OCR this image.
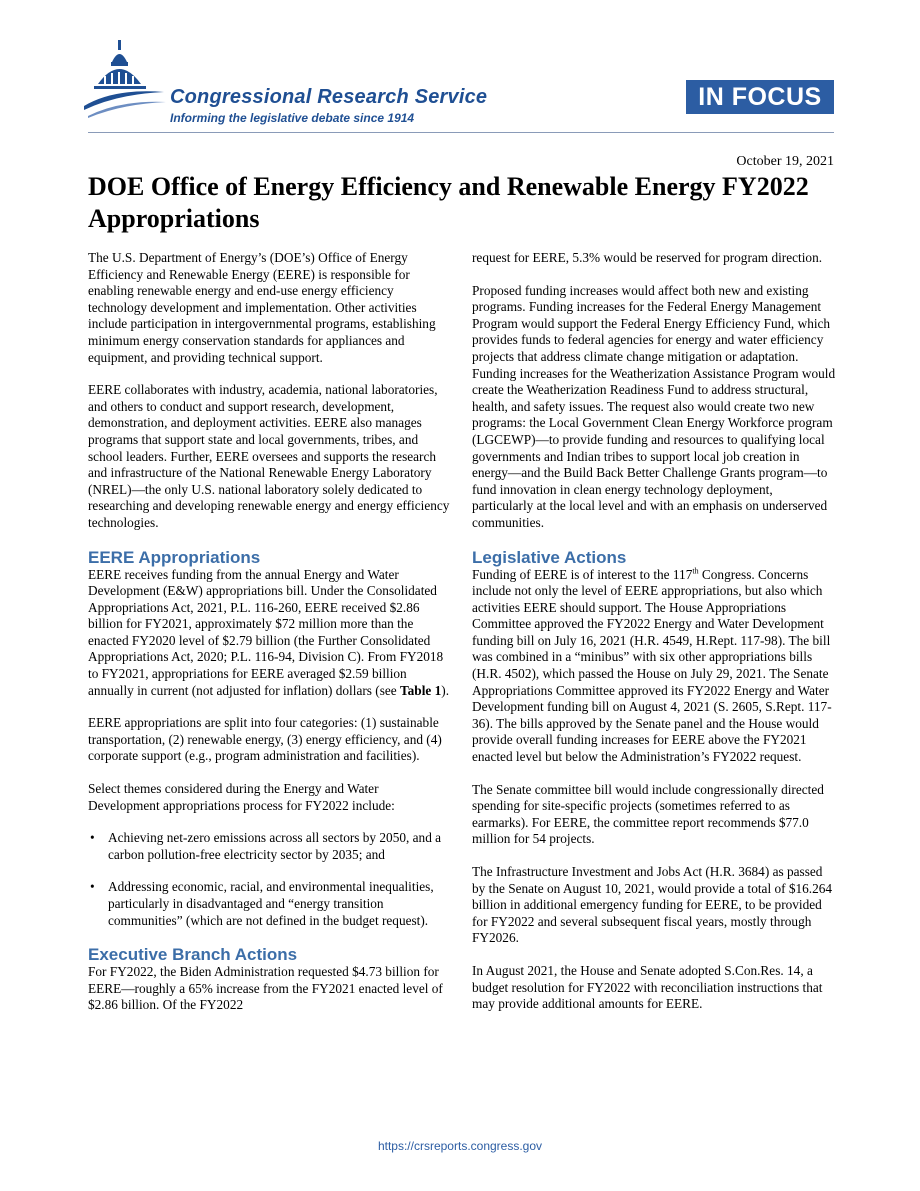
Congressional Research Service
Informing the legislative debate since 1914
IN FOCUS
October 19, 2021
DOE Office of Energy Efficiency and Renewable Energy FY2022 Appropriations

The U.S. Department of Energy’s (DOE’s) Office of Energy Efficiency and Renewable Energy (EERE) is responsible for enabling renewable energy and end-use energy efficiency technology development and implementation. Other activities include participation in intergovernmental programs, establishing minimum energy conservation standards for appliances and equipment, and providing technical support.

EERE collaborates with industry, academia, national laboratories, and others to conduct and support research, development, demonstration, and deployment activities. EERE also manages programs that support state and local governments, tribes, and school leaders. Further, EERE oversees and supports the research and infrastructure of the National Renewable Energy Laboratory (NREL)—the only U.S. national laboratory solely dedicated to researching and developing renewable energy and energy efficiency technologies.

EERE Appropriations

EERE receives funding from the annual Energy and Water Development (E&W) appropriations bill. Under the Consolidated Appropriations Act, 2021, P.L. 116-260, EERE received $2.86 billion for FY2021, approximately $72 million more than the enacted FY2020 level of $2.79 billion (the Further Consolidated Appropriations Act, 2020; P.L. 116-94, Division C). From FY2018 to FY2021, appropriations for EERE averaged $2.59 billion annually in current (not adjusted for inflation) dollars (see Table 1).

EERE appropriations are split into four categories: (1) sustainable transportation, (2) renewable energy, (3) energy efficiency, and (4) corporate support (e.g., program administration and facilities).

Select themes considered during the Energy and Water Development appropriations process for FY2022 include:

• Achieving net-zero emissions across all sectors by 2050, and a carbon pollution-free electricity sector by 2035; and
• Addressing economic, racial, and environmental inequalities, particularly in disadvantaged and “energy transition communities” (which are not defined in the budget request).
Executive Branch Actions

For FY2022, the Biden Administration requested $4.73 billion for EERE—roughly a 65% increase from the FY2021 enacted level of $2.86 billion. Of the FY2022

request for EERE, 5.3% would be reserved for program direction.

Proposed funding increases would affect both new and existing programs. Funding increases for the Federal Energy Management Program would support the Federal Energy Efficiency Fund, which provides funds to federal agencies for energy and water efficiency projects that address climate change mitigation or adaptation. Funding increases for the Weatherization Assistance Program would create the Weatherization Readiness Fund to address structural, health, and safety issues. The request also would create two new programs: the Local Government Clean Energy Workforce program (LGCEWP)—to provide funding and resources to qualifying local governments and Indian tribes to support local job creation in energy—and the Build Back Better Challenge Grants program—to fund innovation in clean energy technology deployment, particularly at the local level and with an emphasis on underserved communities.

Legislative Actions

Funding of EERE is of interest to the 117th Congress. Concerns include not only the level of EERE appropriations, but also which activities EERE should support. The House Appropriations Committee approved the FY2022 Energy and Water Development funding bill on July 16, 2021 (H.R. 4549, H.Rept. 117-98). The bill was combined in a “minibus” with six other appropriations bills (H.R. 4502), which passed the House on July 29, 2021. The Senate Appropriations Committee approved its FY2022 Energy and Water Development funding bill on August 4, 2021 (S. 2605, S.Rept. 117-36). The bills approved by the Senate panel and the House would provide overall funding increases for EERE above the FY2021 enacted level but below the Administration’s FY2022 request.

The Senate committee bill would include congressionally directed spending for site-specific projects (sometimes referred to as earmarks). For EERE, the committee report recommends $77.0 million for 54 projects.

The Infrastructure Investment and Jobs Act (H.R. 3684) as passed by the Senate on August 10, 2021, would provide a total of $16.264 billion in additional emergency funding for EERE, to be provided for FY2022 and several subsequent fiscal years, mostly through FY2026.

In August 2021, the House and Senate adopted S.Con.Res. 14, a budget resolution for FY2022 with reconciliation instructions that may provide additional amounts for EERE.

https://crsreports.congress.gov
